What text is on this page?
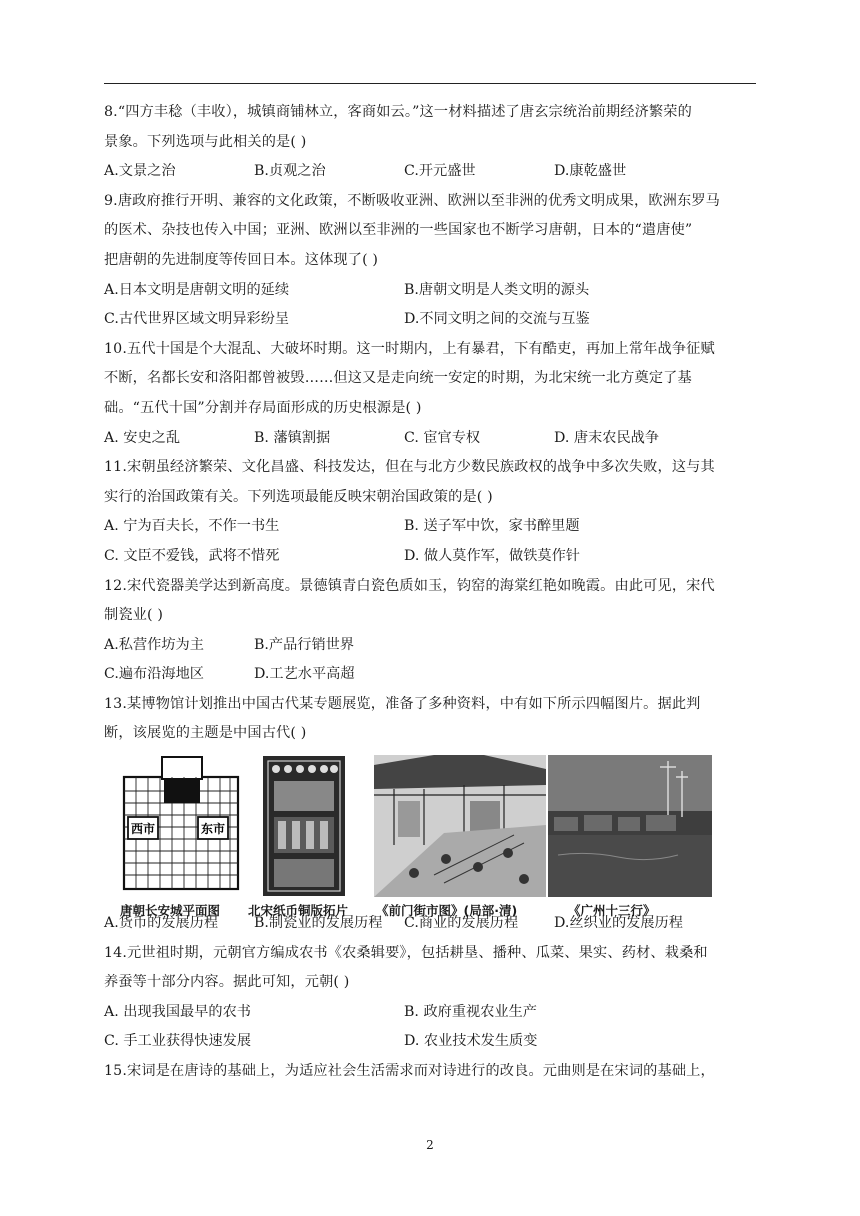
8.“四方丰稔（丰收），城镇商铺林立，客商如云。”这一材料描述了唐玄宗统治前期经济繁荣的
景象。下列选项与此相关的是( )
A.文景之治	B.贞观之治	C.开元盛世	D.康乾盛世
9.唐政府推行开明、兼容的文化政策，不断吸收亚洲、欧洲以至非洲的优秀文明成果，欧洲东罗马
的医术、杂技也传入中国；亚洲、欧洲以至非洲的一些国家也不断学习唐朝，日本的“遣唐使”
把唐朝的先进制度等传回日本。这体现了( )
A.日本文明是唐朝文明的延续	B.唐朝文明是人类文明的源头
C.古代世界区域文明异彩纷呈	D.不同文明之间的交流与互鉴
10.五代十国是个大混乱、大破坏时期。这一时期内，上有暴君，下有酷吏，再加上常年战争征赋
不断，名都长安和洛阳都曾被毁……但这又是走向统一安定的时期，为北宋统一北方奠定了基
础。“五代十国”分割并存局面形成的历史根源是( )
A. 安史之乱	B. 藩镇割据	C. 宦官专权	D. 唐末农民战争
11.宋朝虽经济繁荣、文化昌盛、科技发达，但在与北方少数民族政权的战争中多次失败，这与其
实行的治国政策有关。下列选项最能反映宋朝治国政策的是( )
A. 宁为百夫长，不作一书生	B. 送子军中饮，家书醉里题
C. 文臣不爱钱，武将不惜死	D. 做人莫作军，做铁莫作针
12.宋代瓷器美学达到新高度。景德镇青白瓷色质如玉，钧窑的海棠红艳如晚霞。由此可见，宋代
制瓷业( )
A.私营作坊为主	B.产品行销世界
C.遍布沿海地区	D.工艺水平高超
13.某博物馆计划推出中国古代某专题展览，准备了多种资料，中有如下所示四幅图片。据此判
断，该展览的主题是中国古代( )
西市	东市
唐朝长安城平面图 北宋纸币铜版拓片 《前门街市图》(局部·清)	《广州十三行》
A.货币的发展历程	B.制瓷业的发展历程 C.商业的发展历程	D.丝织业的发展历程
14.元世祖时期，元朝官方编成农书《农桑辑要》，包括耕垦、播种、瓜菜、果实、药材、栽桑和
养蚕等十部分内容。据此可知，元朝( )
A. 出现我国最早的农书	B. 政府重视农业生产
C. 手工业获得快速发展	D. 农业技术发生质变
15.宋词是在唐诗的基础上，为适应社会生活需求而对诗进行的改良。元曲则是在宋词的基础上，
2
